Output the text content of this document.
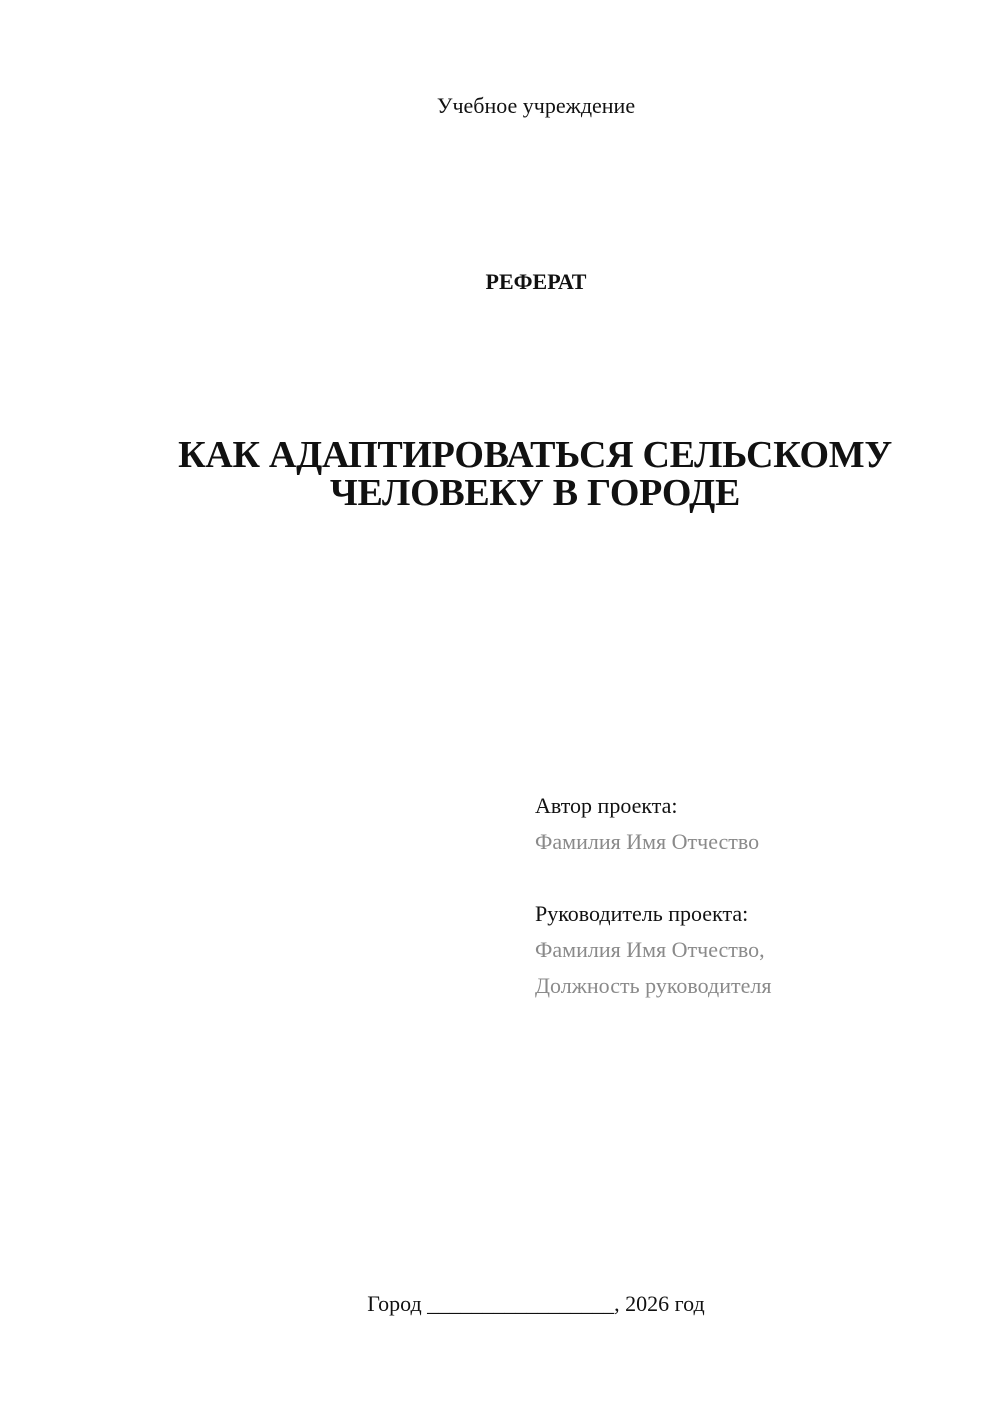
Учебное учреждение
РЕФЕРАТ
КАК АДАПТИРОВАТЬСЯ СЕЛЬСКОМУ
ЧЕЛОВЕКУ В ГОРОДЕ
Автор проекта:
Фамилия Имя Отчество
Руководитель проекта:
Фамилия Имя Отчество,
Должность руководителя
Город _________________, 2026 год
